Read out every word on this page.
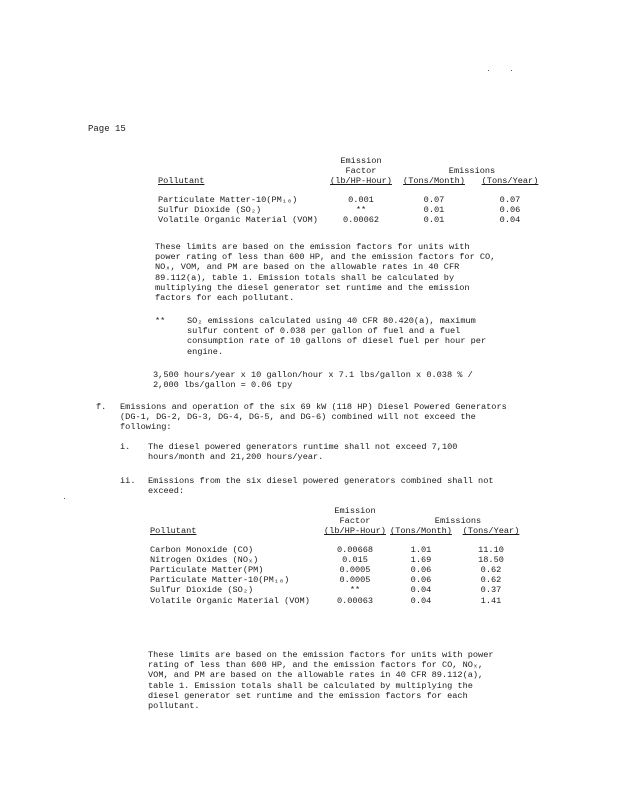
Page 15
	Emission		
	Factor	Emissions	
Pollutant	(lb/HP-Hour)	(Tons/Month)	(Tons/Year)

Particulate Matter-10(PM₁₀)	0.001	0.07	0.07
Sulfur Dioxide (SO₂)	**	0.01	0.06
Volatile Organic Material (VOM)	0.00062	0.01	0.04
These limits are based on the emission factors for units with power rating of less than 600 HP, and the emission factors for CO, NOₓ, VOM, and PM are based on the allowable rates in 40 CFR 89.112(a), table 1. Emission totals shall be calculated by multiplying the diesel generator set runtime and the emission factors for each pollutant.
**	SO₂ emissions calculated using 40 CFR 80.420(a), maximum sulfur content of 0.038 per gallon of fuel and a fuel consumption rate of 10 gallons of diesel fuel per hour per engine.
3,500 hours/year x 10 gallon/hour x 7.1 lbs/gallon x 0.038 % /
2,000 lbs/gallon = 0.06 tpy
f. Emissions and operation of the six 69 kW (118 HP) Diesel Powered Generators (DG-1, DG-2, DG-3, DG-4, DG-5, and DG-6) combined will not exceed the following:
i. The diesel powered generators runtime shall not exceed 7,100 hours/month and 21,200 hours/year.
ii. Emissions from the six diesel powered generators combined shall not exceed:
	Emission		
	Factor	Emissions	
Pollutant	(lb/HP-Hour)	(Tons/Month)	(Tons/Year)

Carbon Monoxide (CO)	0.00668	1.01	11.10
Nitrogen Oxides (NOₓ)	0.015	1.69	18.50
Particulate Matter(PM)	0.0005	0.06	0.62
Particulate Matter-10(PM₁₀)	0.0005	0.06	0.62
Sulfur Dioxide (SO₂)	**	0.04	0.37
Volatile Organic Material (VOM)	0.00063	0.04	1.41
These limits are based on the emission factors for units with power rating of less than 600 HP, and the emission factors for CO, NOₓ, VOM, and PM are based on the allowable rates in 40 CFR 89.112(a), table 1. Emission totals shall be calculated by multiplying the diesel generator set runtime and the emission factors for each pollutant.
